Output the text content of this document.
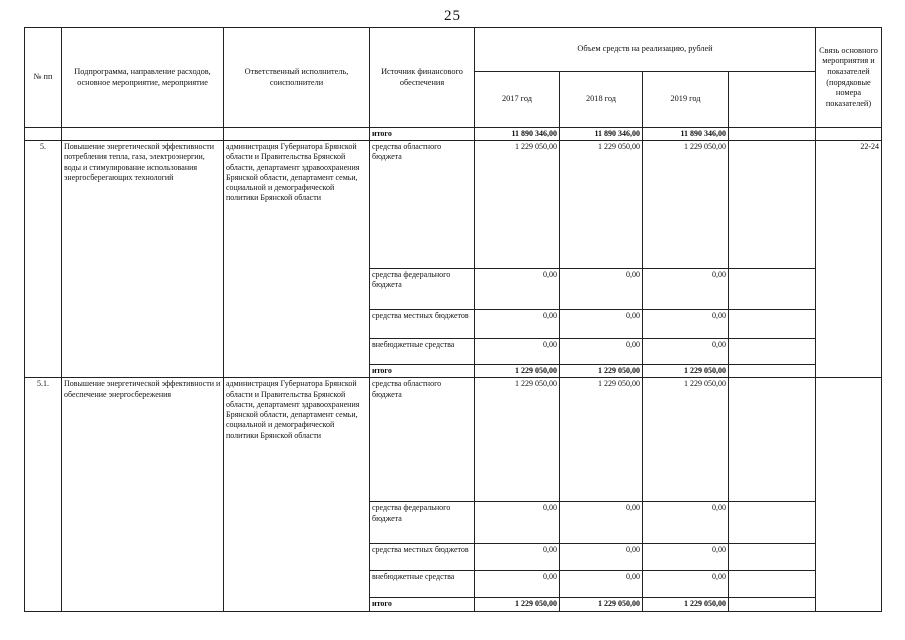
25
№ пп	Подпрограмма, направление расходов, основное мероприятие, мероприятие	Ответственный исполнитель, соисполнители	Источник финансового обеспечения	Объем средств на реализацию, рублей				Связь основного мероприятия и показателей (порядковые номера показателей)
				2017 год	2018 год	2019 год		
			итого	11 890 346,00	11 890 346,00	11 890 346,00		
5.	Повышение энергетической эффективности потребления тепла, газа, электроэнергии, воды и стимулирование использования энергосберегающих технологий	администрация Губернатора Брянской области и Правительства Брянской области, департамент здравоохранения Брянской области, департамент семьи, социальной и демографической политики Брянской области	средства областного бюджета	1 229 050,00	1 229 050,00	1 229 050,00		22-24
			средства федерального бюджета	0,00	0,00	0,00		
			средства местных бюджетов	0,00	0,00	0,00		
			внебюджетные средства	0,00	0,00	0,00		
			итого	1 229 050,00	1 229 050,00	1 229 050,00		
5.1.	Повышение энергетической эффективности и обеспечение энергосбережения	администрация Губернатора Брянской области и Правительства Брянской области, департамент здравоохранения Брянской области, департамент семьи, социальной и демографической политики Брянской области	средства областного бюджета	1 229 050,00	1 229 050,00	1 229 050,00		
			средства федерального бюджета	0,00	0,00	0,00		
			средства местных бюджетов	0,00	0,00	0,00		
			внебюджетные средства	0,00	0,00	0,00		
			итого	1 229 050,00	1 229 050,00	1 229 050,00		
